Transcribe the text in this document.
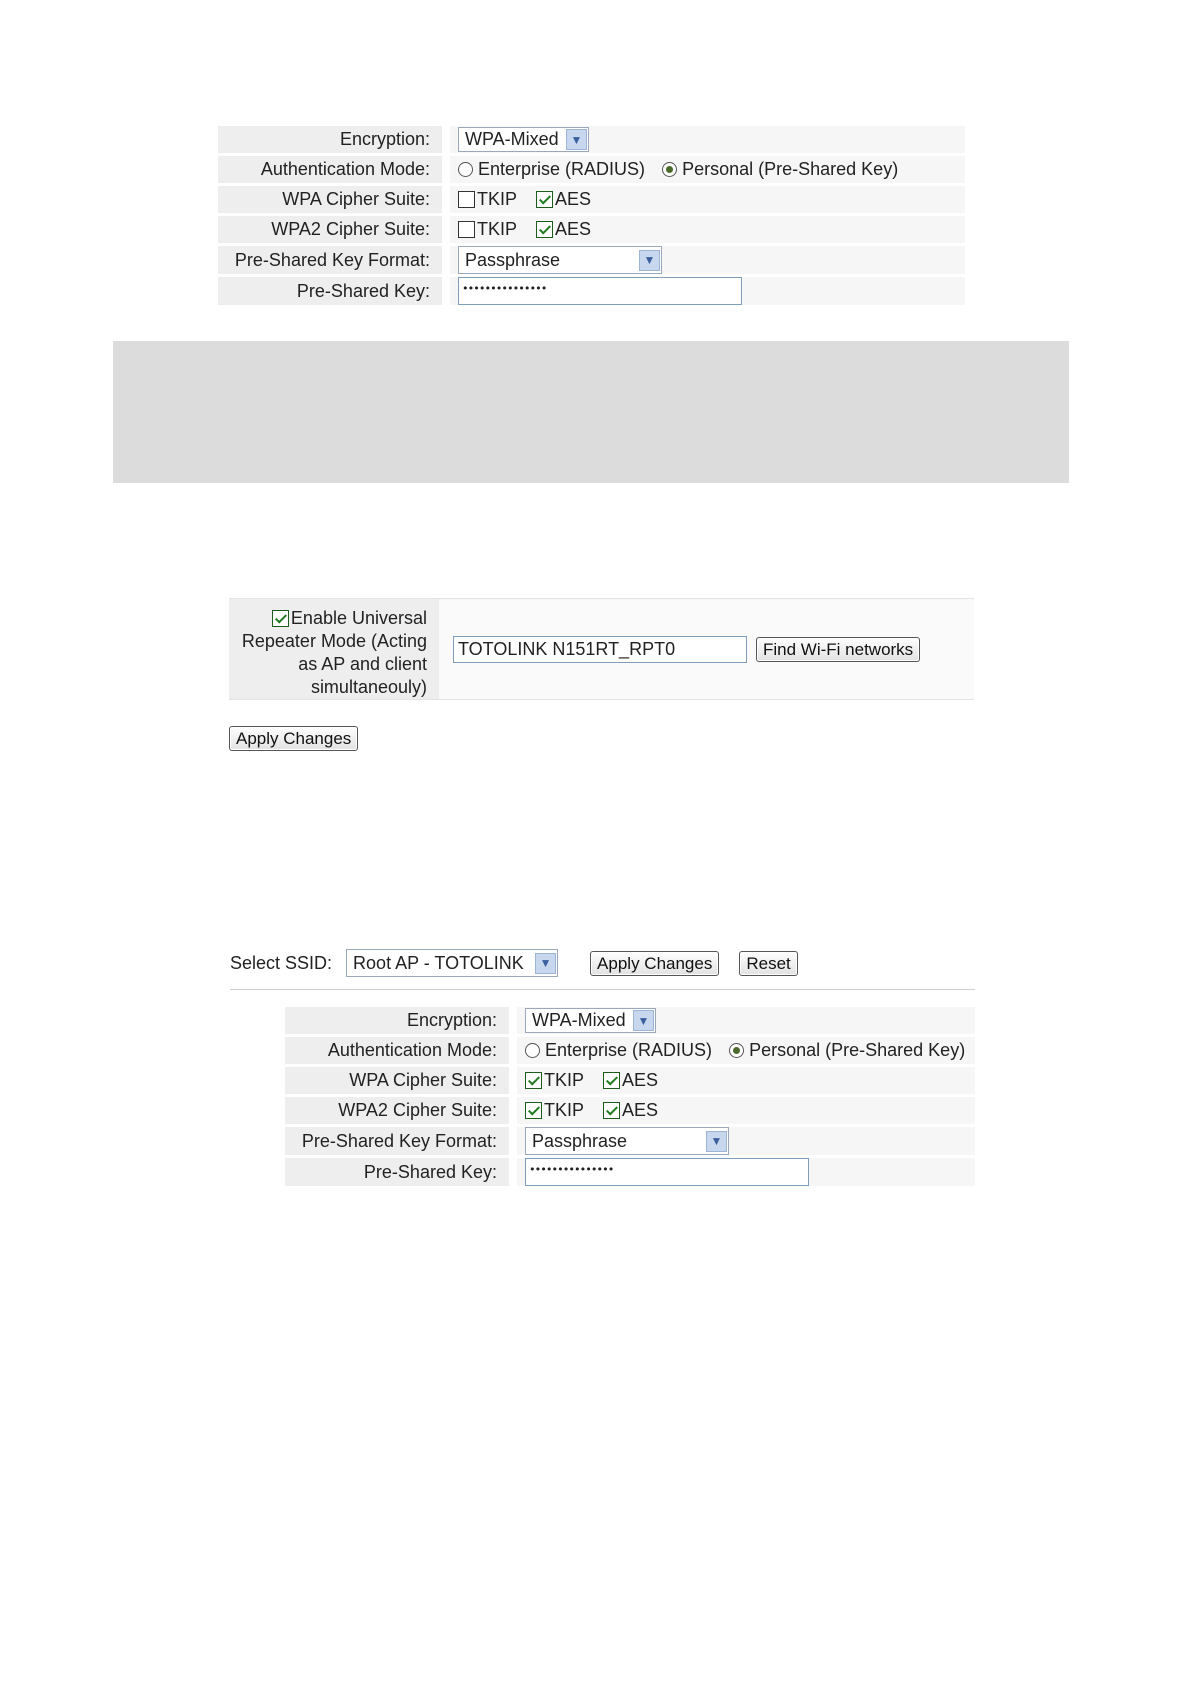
Encryption:	WPA-Mixed ▼

Authentication Mode:	Enterprise (RADIUS) Personal (Pre-Shared Key)
WPA Cipher Suite:	TKIP AES
WPA2 Cipher Suite:	TKIP AES
Pre-Shared Key Format:	Passphrase ▼

Pre-Shared Key:	•••••••••••••••
Enable Universal
Repeater Mode (Acting
as AP and client
simultaneouly)
TOTOLINK N151RT_RPT0	Find Wi-Fi networks
Apply Changes
Select SSID: Root AP - TOTOLINK	▼	Apply Changes	Reset
Encryption:	WPA-Mixed ▼

Authentication Mode:	Enterprise (RADIUS) Personal (Pre-Shared Key)
WPA Cipher Suite:	TKIP AES
WPA2 Cipher Suite:	TKIP AES
Pre-Shared Key Format:	Passphrase ▼

Pre-Shared Key:	•••••••••••••••
